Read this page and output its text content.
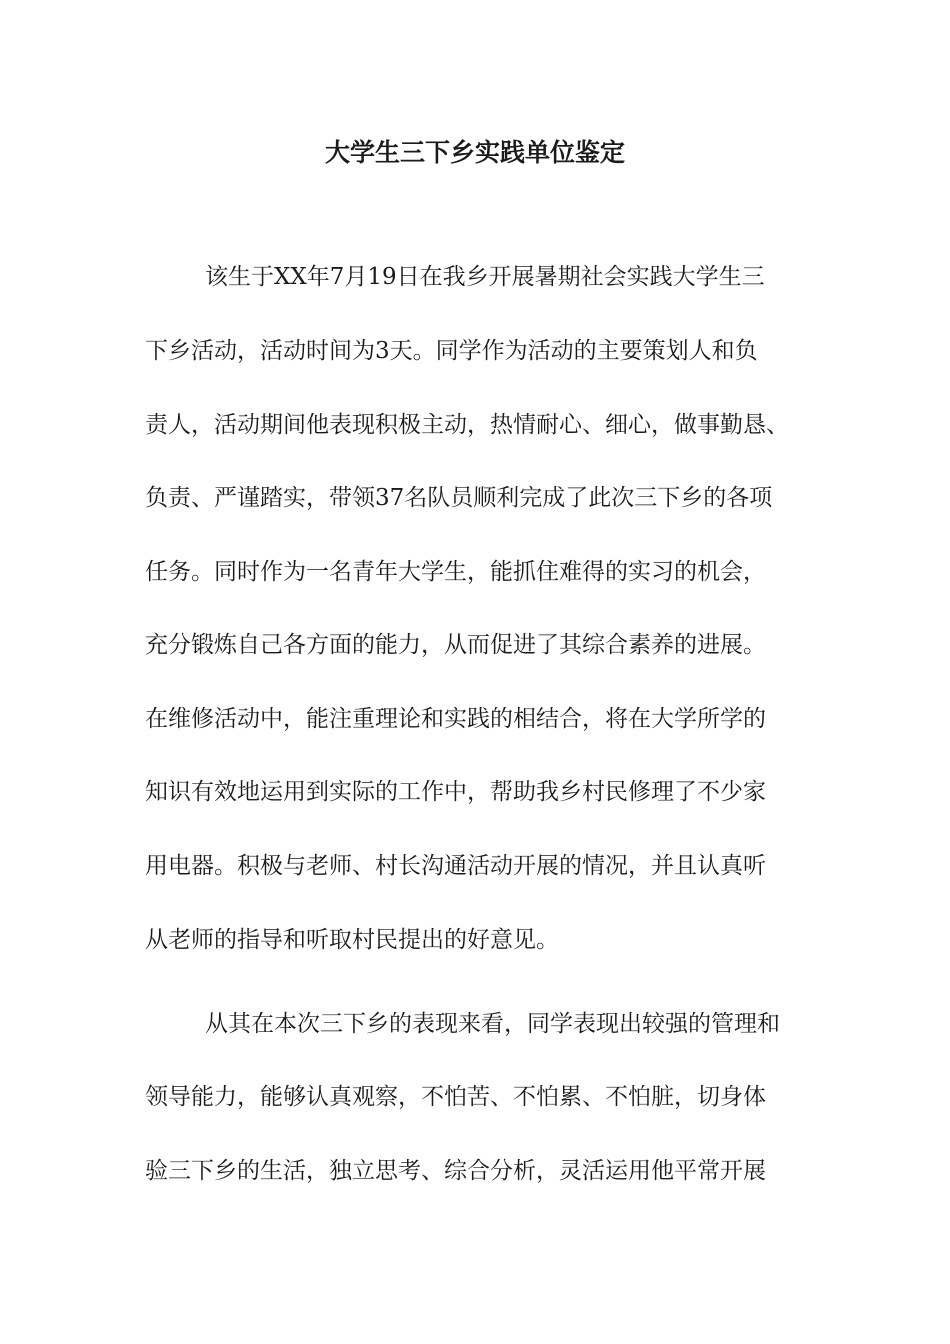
大学生三下乡实践单位鉴定
该生于XX年7月19日在我乡开展暑期社会实践大学生三
下乡活动，活动时间为3天。同学作为活动的主要策划人和负
责人，活动期间他表现积极主动，热情耐心、细心，做事勤恳、
负责、严谨踏实，带领37名队员顺利完成了此次三下乡的各项
任务。同时作为一名青年大学生，能抓住难得的实习的机会，
充分锻炼自己各方面的能力，从而促进了其综合素养的进展。
在维修活动中，能注重理论和实践的相结合，将在大学所学的
知识有效地运用到实际的工作中，帮助我乡村民修理了不少家
用电器。积极与老师、村长沟通活动开展的情况，并且认真听
从老师的指导和听取村民提出的好意见。
从其在本次三下乡的表现来看，同学表现出较强的管理和
领导能力，能够认真观察，不怕苦、不怕累、不怕脏，切身体
验三下乡的生活，独立思考、综合分析，灵活运用他平常开展
